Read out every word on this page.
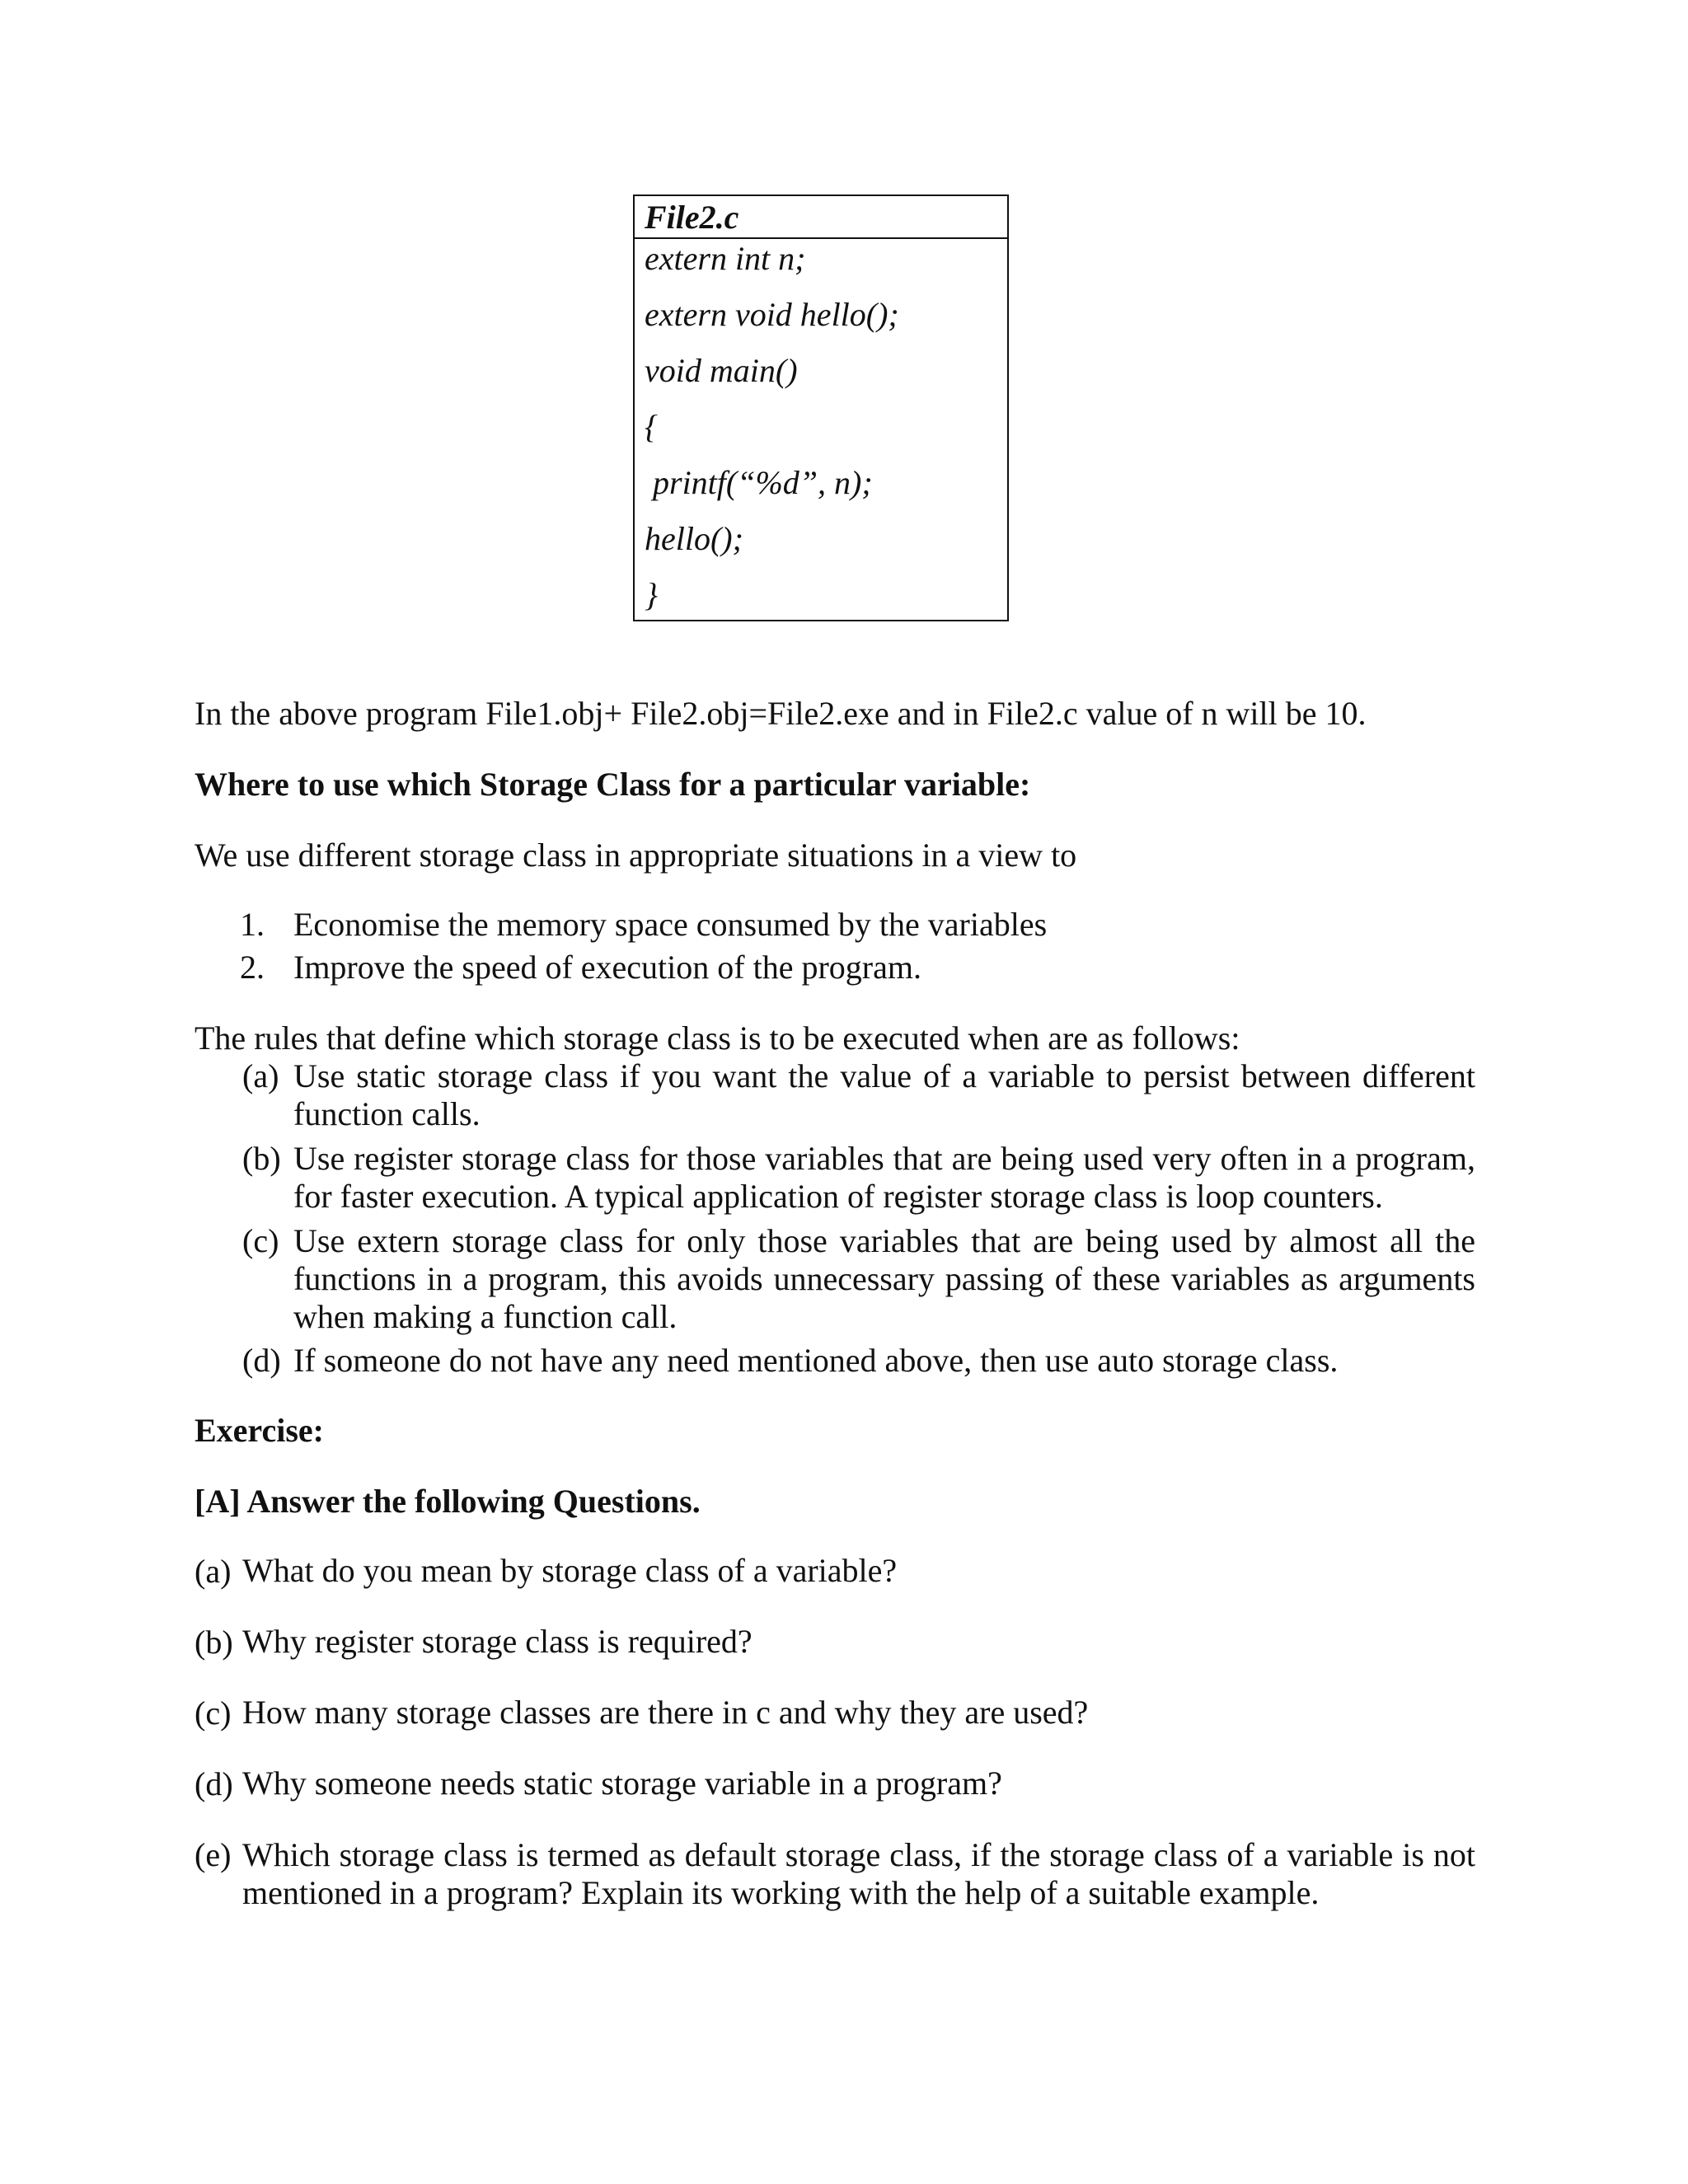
File2.c
extern int n;
extern void hello();
void main()
{
printf(“%d”, n);
hello();
}
In the above program File1.obj+ File2.obj=File2.exe and in File2.c value of n will be 10.
Where to use which Storage Class for a particular variable:
We use different storage class in appropriate situations in a view to
1. Economise the memory space consumed by the variables
2. Improve the speed of execution of the program.
The rules that define which storage class is to be executed when are as follows:
(a) Use static storage class if you want the value of a variable to persist between different function calls.
(b) Use register storage class for those variables that are being used very often in a program, for faster execution. A typical application of register storage class is loop counters.
(c) Use extern storage class for only those variables that are being used by almost all the functions in a program, this avoids unnecessary passing of these variables as arguments when making a function call.
(d) If someone do not have any need mentioned above, then use auto storage class.
Exercise:
[A] Answer the following Questions.
(a) What do you mean by storage class of a variable?
(b) Why register storage class is required?
(c) How many storage classes are there in c and why they are used?
(d) Why someone needs static storage variable in a program?
(e) Which storage class is termed as default storage class, if the storage class of a variable is not mentioned in a program? Explain its working with the help of a suitable example.
